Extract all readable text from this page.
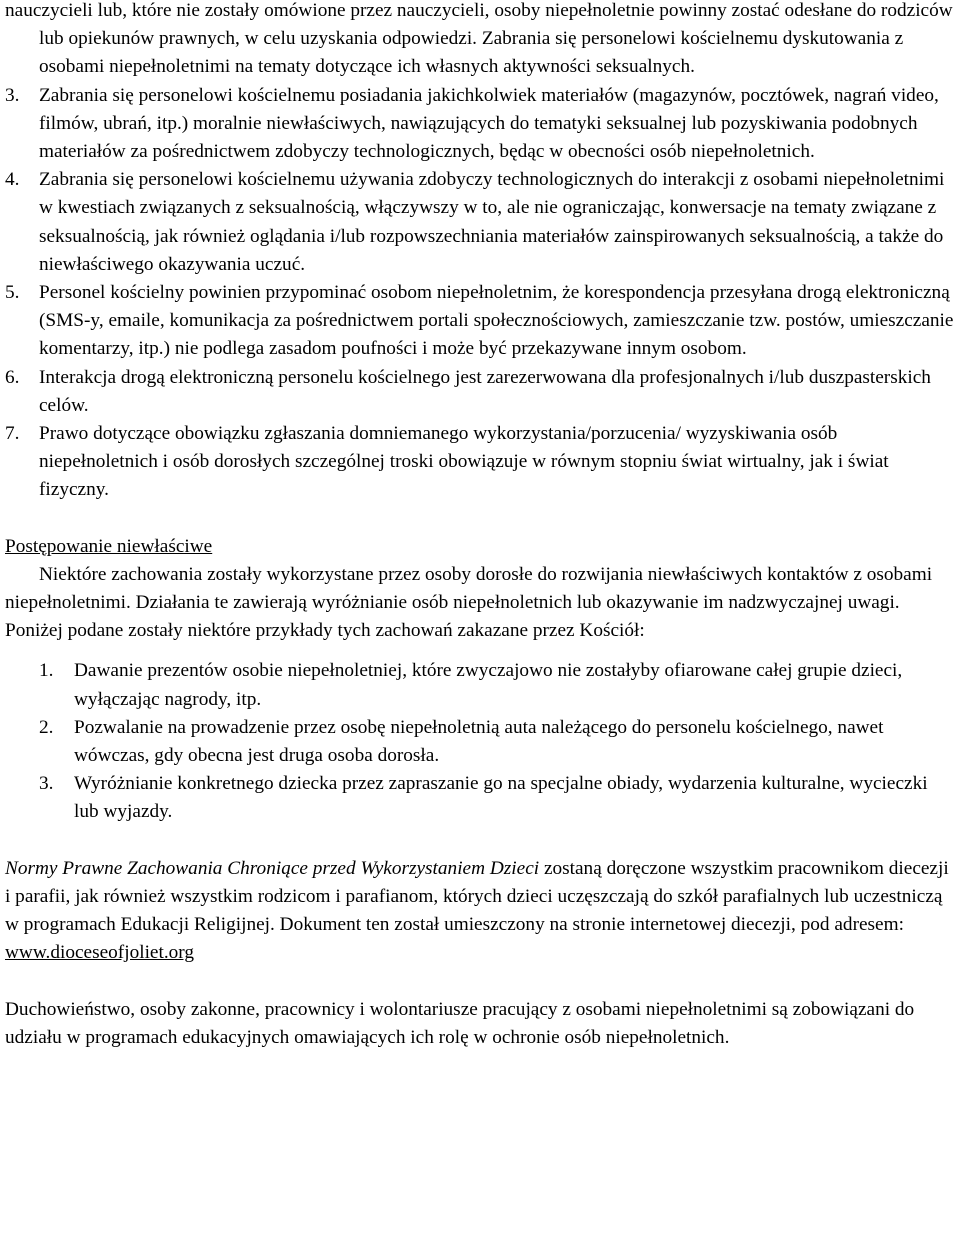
nauczycieli lub, które nie zostały omówione przez nauczycieli, osoby niepełnoletnie powinny zostać odesłane do rodziców lub opiekunów prawnych, w celu uzyskania odpowiedzi. Zabrania się personelowi kościelnemu dyskutowania z osobami niepełnoletnimi na tematy dotyczące ich własnych aktywności seksualnych.
3.	Zabrania się personelowi kościelnemu posiadania jakichkolwiek materiałów (magazynów, pocztówek, nagrań video, filmów, ubrań, itp.) moralnie niewłaściwych, nawiązujących do tematyki seksualnej lub pozyskiwania podobnych materiałów za pośrednictwem zdobyczy technologicznych, będąc w obecności osób niepełnoletnich.
4.	Zabrania się personelowi kościelnemu używania zdobyczy technologicznych do interakcji z osobami niepełnoletnimi w kwestiach związanych z seksualnością, włączywszy w to, ale nie ograniczając, konwersacje na tematy związane z seksualnością, jak również oglądania i/lub rozpowszechniania materiałów zainspirowanych seksualnością, a także do niewłaściwego okazywania uczuć.
5.	Personel kościelny powinien przypominać osobom niepełnoletnim, że korespondencja przesyłana drogą elektroniczną (SMS-y, emaile, komunikacja za pośrednictwem portali społecznościowych, zamieszczanie tzw. postów, umieszczanie komentarzy, itp.) nie podlega zasadom poufności i może być przekazywane innym osobom.
6.	Interakcja drogą elektroniczną personelu kościelnego jest zarezerwowana dla profesjonalnych i/lub duszpasterskich celów.
7.	Prawo dotyczące obowiązku zgłaszania domniemanego wykorzystania/porzucenia/ wyzyskiwania osób niepełnoletnich i osób dorosłych szczególnej troski obowiązuje w równym stopniu świat wirtualny, jak i świat fizyczny.
Postępowanie niewłaściwe
Niektóre zachowania zostały wykorzystane przez osoby dorosłe do rozwijania niewłaściwych kontaktów z osobami niepełnoletnimi. Działania te zawierają wyróżnianie osób niepełnoletnich lub okazywanie im nadzwyczajnej uwagi. Poniżej podane zostały niektóre przykłady tych zachowań zakazane przez Kościół:
1.	Dawanie prezentów osobie niepełnoletniej, które zwyczajowo nie zostałyby ofiarowane całej grupie dzieci, wyłączając nagrody, itp.
2.	Pozwalanie na prowadzenie przez osobę niepełnoletnią auta należącego do personelu kościelnego, nawet wówczas, gdy obecna jest druga osoba dorosła.
3.	Wyróżnianie konkretnego dziecka przez zapraszanie go na specjalne obiady, wydarzenia kulturalne, wycieczki lub wyjazdy.
Normy Prawne Zachowania Chroniące przed Wykorzystaniem Dzieci zostaną doręczone wszystkim pracownikom diecezji i parafii, jak również wszystkim rodzicom i parafianom, których dzieci uczęszczają do szkół parafialnych lub uczestniczą w programach Edukacji Religijnej. Dokument ten został umieszczony na stronie internetowej diecezji, pod adresem:
www.dioceseofjoliet.org
Duchowieństwo, osoby zakonne, pracownicy i wolontariusze pracujący z osobami niepełnoletnimi są zobowiązani do udziału w programach edukacyjnych omawiających ich rolę w ochronie osób niepełnoletnich.
